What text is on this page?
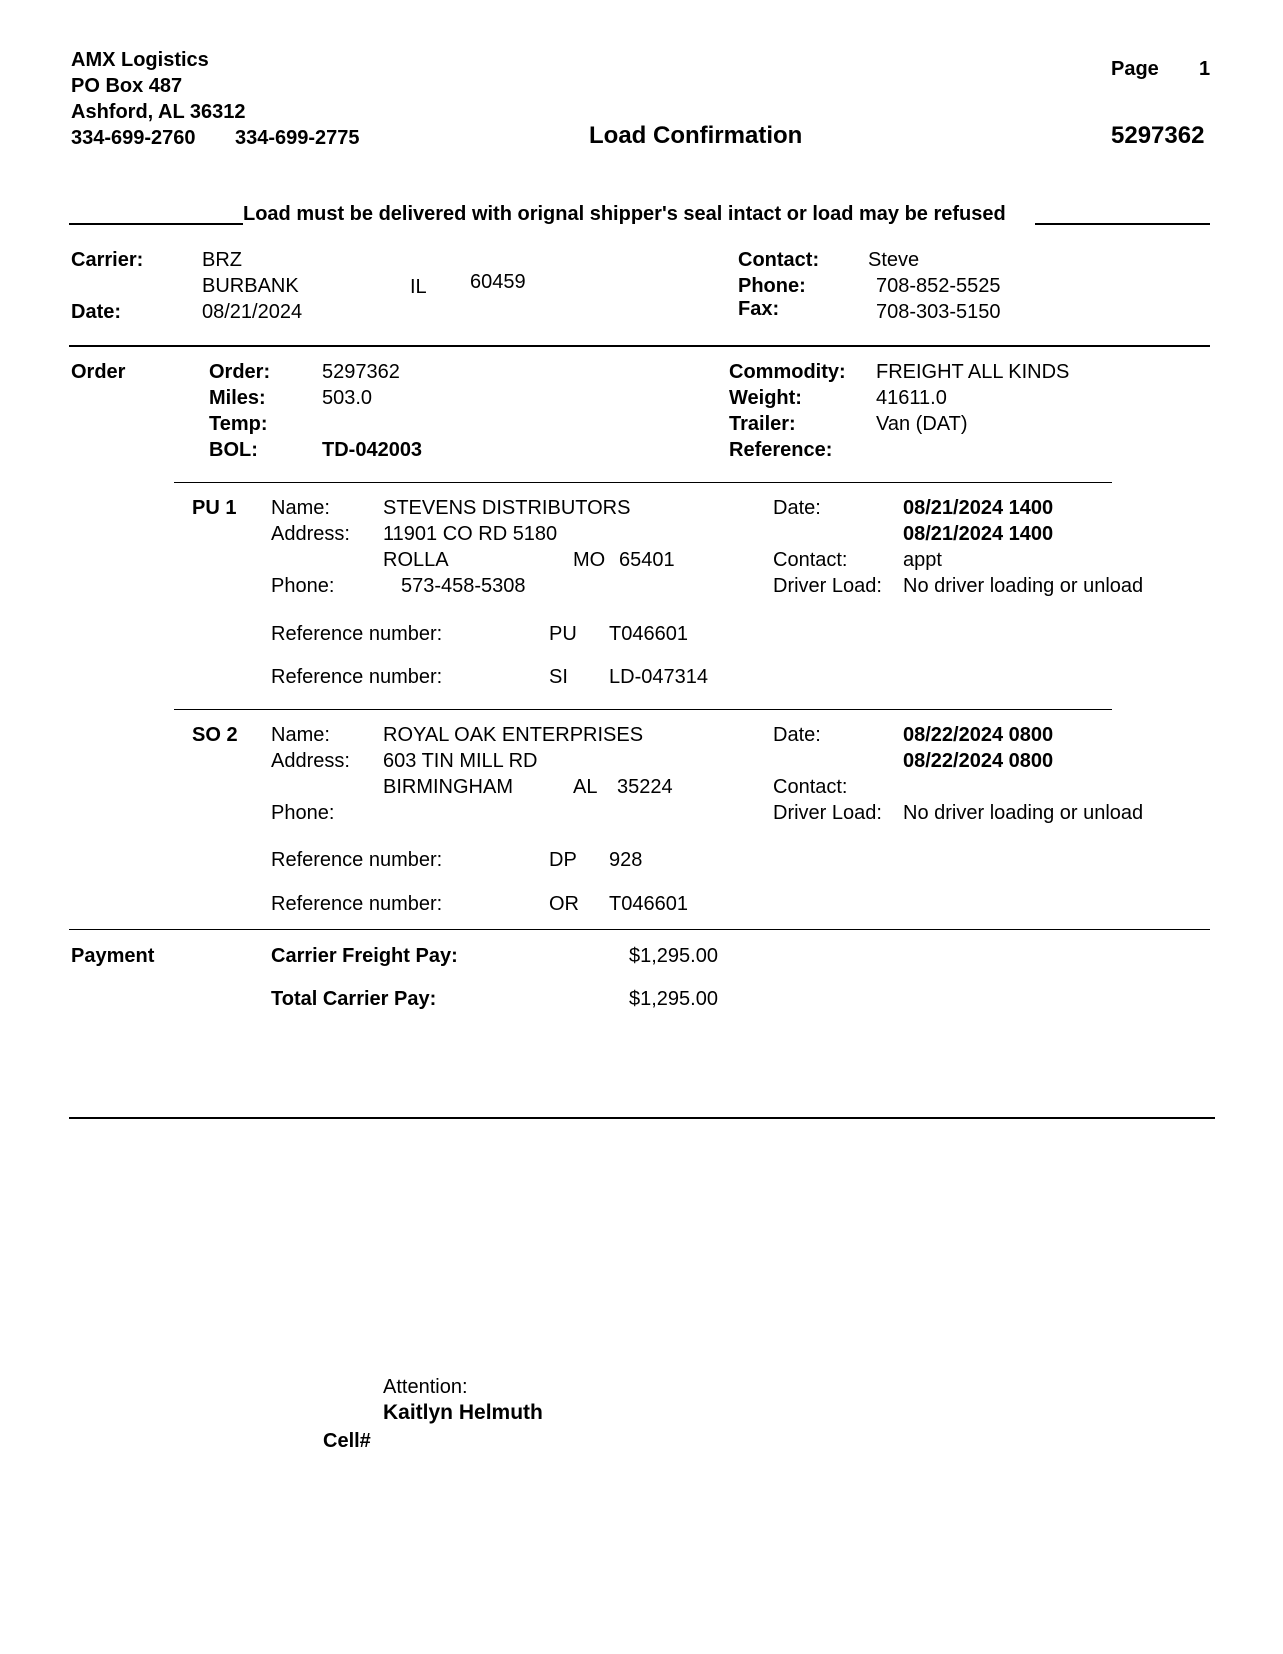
AMX Logistics
PO Box 487
Ashford, AL 36312
334-699-2760 334-699-2775
Page 1
Load Confirmation	5297362
Load must be delivered with orignal shipper's seal intact or load may be refused
Carrier:	BRZ
BURBANK	IL 60459
Date:	08/21/2024
Contact: Steve
Phone:	708-852-5525
Fax:	708-303-5150
Order	Order:	5297362
Miles:	503.0
Temp:
BOL:	TD-042003
Commodity: FREIGHT ALL KINDS
Weight:	41611.0
Trailer:	Van (DAT)
Reference:
PU 1 Name:	STEVENS DISTRIBUTORS
Address: 11901 CO RD 5180
ROLLA	MO 65401
Phone:	573-458-5308
Date:	08/21/2024 1400
08/21/2024 1400
Contact:	appt
Driver Load: No driver loading or unload
Reference number:	PU T046601
Reference number:	SI LD-047314
SO 2 Name:	ROYAL OAK ENTERPRISES
Address: 603 TIN MILL RD
BIRMINGHAM	AL 35224
Phone:
Date:	08/22/2024 0800
08/22/2024 0800
Contact:
Driver Load: No driver loading or unload
Reference number:	DP 928
Reference number:	OR T046601
Payment	Carrier Freight Pay:	$1,295.00
Total Carrier Pay:	$1,295.00
Attention:
Kaitlyn Helmuth
Cell#
